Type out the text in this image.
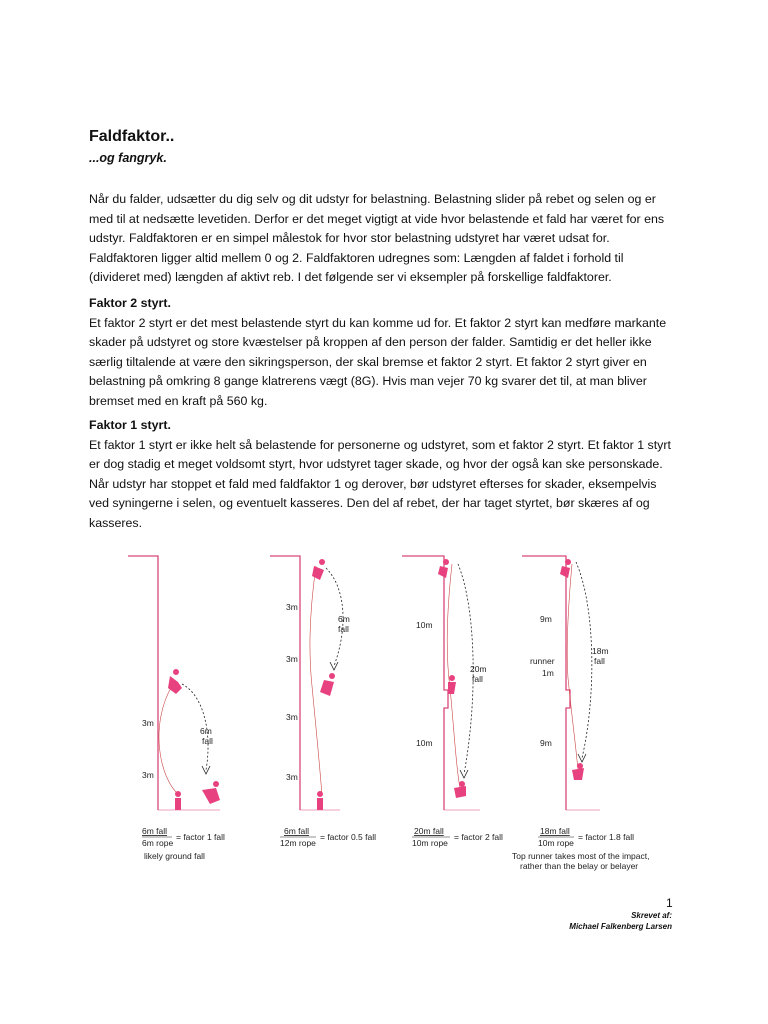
Faldfaktor..
...og fangryk.

Når du falder, udsætter du dig selv og dit udstyr for belastning. Belastning slider på rebet og selen og er

med til at nedsætte levetiden. Derfor er det meget vigtigt at vide hvor belastende et fald har været for ens

udstyr. Faldfaktoren er en simpel målestok for hvor stor belastning udstyret har været udsat for.

Faldfaktoren ligger altid mellem 0 og 2. Faldfaktoren udregnes som: Længden af faldet i forhold til

(divideret med) længden af aktivt reb. I det følgende ser vi eksempler på forskellige faldfaktorer.

Faktor 2 styrt.

Et faktor 2 styrt er det mest belastende styrt du kan komme ud for. Et faktor 2 styrt kan medføre markante

skader på udstyret og store kvæstelser på kroppen af den person der falder. Samtidig er det heller ikke

særlig tiltalende at være den sikringsperson, der skal bremse et faktor 2 styrt. Et faktor 2 styrt giver en

belastning på omkring 8 gange klatrerens vægt (8G). Hvis man vejer 70 kg svarer det til, at man bliver

bremset med en kraft på 560 kg.

Faktor 1 styrt.

Et faktor 1 styrt er ikke helt så belastende for personerne og udstyret, som et faktor 2 styrt. Et faktor 1 styrt

er dog stadig et meget voldsomt styrt, hvor udstyret tager skade, og hvor der også kan ske personskade.

Når udstyr har stoppet et fald med faldfaktor 1 og derover, bør udstyret efterses for skader, eksempelvis

ved syningerne i selen, og eventuelt kasseres. Den del af rebet, der har taget styrtet, bør skæres af og

kasseres.

3m
3m
6m
fall
6m fall
6m rope
= factor 1 fall
likely ground fall
3m
3m
3m
3m
6m
fall
6m fall
12m rope
= factor 0.5 fall
10m
10m
20m
fall
20m fall
10m rope
= factor 2 fall
9m
9m
runner
1m
18m
fall
18m fall
10m rope
= factor 1.8 fall
Top runner takes most of the impact,
rather than the belay or belayer
1
Skrevet af:
Michael Falkenberg Larsen
